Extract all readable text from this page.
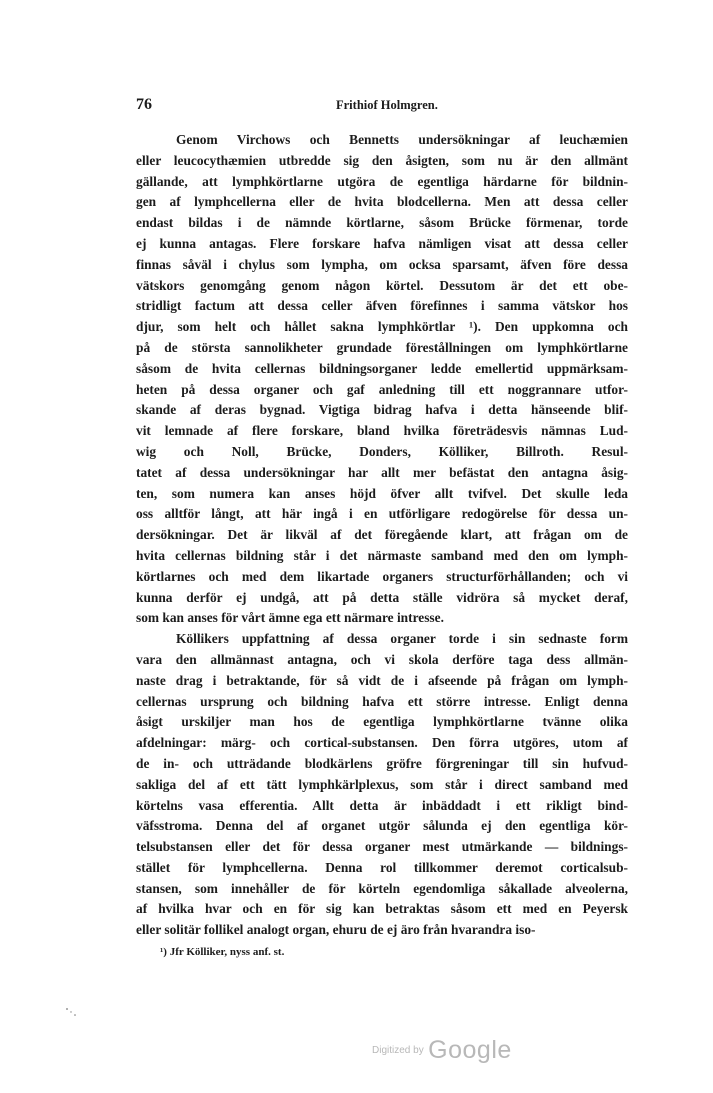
76	Frithiof Holmgren.
Genom Virchows och Bennetts undersökningar af leuchæmien
eller leucocythæmien utbredde sig den åsigten, som nu är den allmänt
gällande, att lymphkörtlarne utgöra de egentliga härdarne för bildnin-
gen af lymphcellerna eller de hvita blodcellerna. Men att dessa celler
endast bildas i de nämnde körtlarne, såsom Brücke förmenar, torde
ej kunna antagas. Flere forskare hafva nämligen visat att dessa celler
finnas såväl i chylus som lympha, om ocksa sparsamt, äfven före dessa
vätskors genomgång genom någon körtel. Dessutom är det ett obe-
stridligt factum att dessa celler äfven förefinnes i samma vätskor hos
djur, som helt och hållet sakna lymphkörtlar ¹). Den uppkomna och
på de största sannolikheter grundade förestållningen om lymphkörtlarne
såsom de hvita cellernas bildningsorganer ledde emellertid uppmärksam-
heten på dessa organer och gaf anledning till ett noggrannare utfor-
skande af deras bygnad. Vigtiga bidrag hafva i detta hänseende blif-
vit lemnade af flere forskare, bland hvilka företrädesvis nämnas Lud-
wig och Noll, Brücke, Donders, Kölliker, Billroth. Resul-
tatet af dessa undersökningar har allt mer befästat den antagna åsig-
ten, som numera kan anses höjd öfver allt tvifvel. Det skulle leda
oss alltför långt, att här ingå i en utförligare redogörelse för dessa un-
dersökningar. Det är likväl af det föregående klart, att frågan om de
hvita cellernas bildning står i det närmaste samband med den om lymph-
körtlarnes och med dem likartade organers structurförhållanden; och vi
kunna derför ej undgå, att på detta ställe vidröra så mycket deraf,
som kan anses för vårt ämne ega ett närmare intresse.
Köllikers uppfattning af dessa organer torde i sin sednaste form
vara den allmännast antagna, och vi skola derföre taga dess allmän-
naste drag i betraktande, för så vidt de i afseende på frågan om lymph-
cellernas ursprung och bildning hafva ett större intresse. Enligt denna
åsigt urskiljer man hos de egentliga lymphkörtlarne tvänne olika
afdelningar: märg- och cortical-substansen. Den förra utgöres, utom af
de in- och utträdande blodkärlens gröfre förgreningar till sin hufvud-
sakliga del af ett tätt lymphkärlplexus, som står i direct samband med
körtelns vasa efferentia. Allt detta är inbäddadt i ett rikligt bind-
väfsstroma. Denna del af organet utgör sålunda ej den egentliga kör-
telsubstansen eller det för dessa organer mest utmärkande — bildnings-
stället för lymphcellerna. Denna rol tillkommer deremot corticalsub-
stansen, som innehåller de för körteln egendomliga såkallade alveolerna,
af hvilka hvar och en för sig kan betraktas såsom ett med en Peyersk
eller solitär follikel analogt organ, ehuru de ej äro från hvarandra iso-
¹) Jfr Kölliker, nyss anf. st.
Digitized by Google
